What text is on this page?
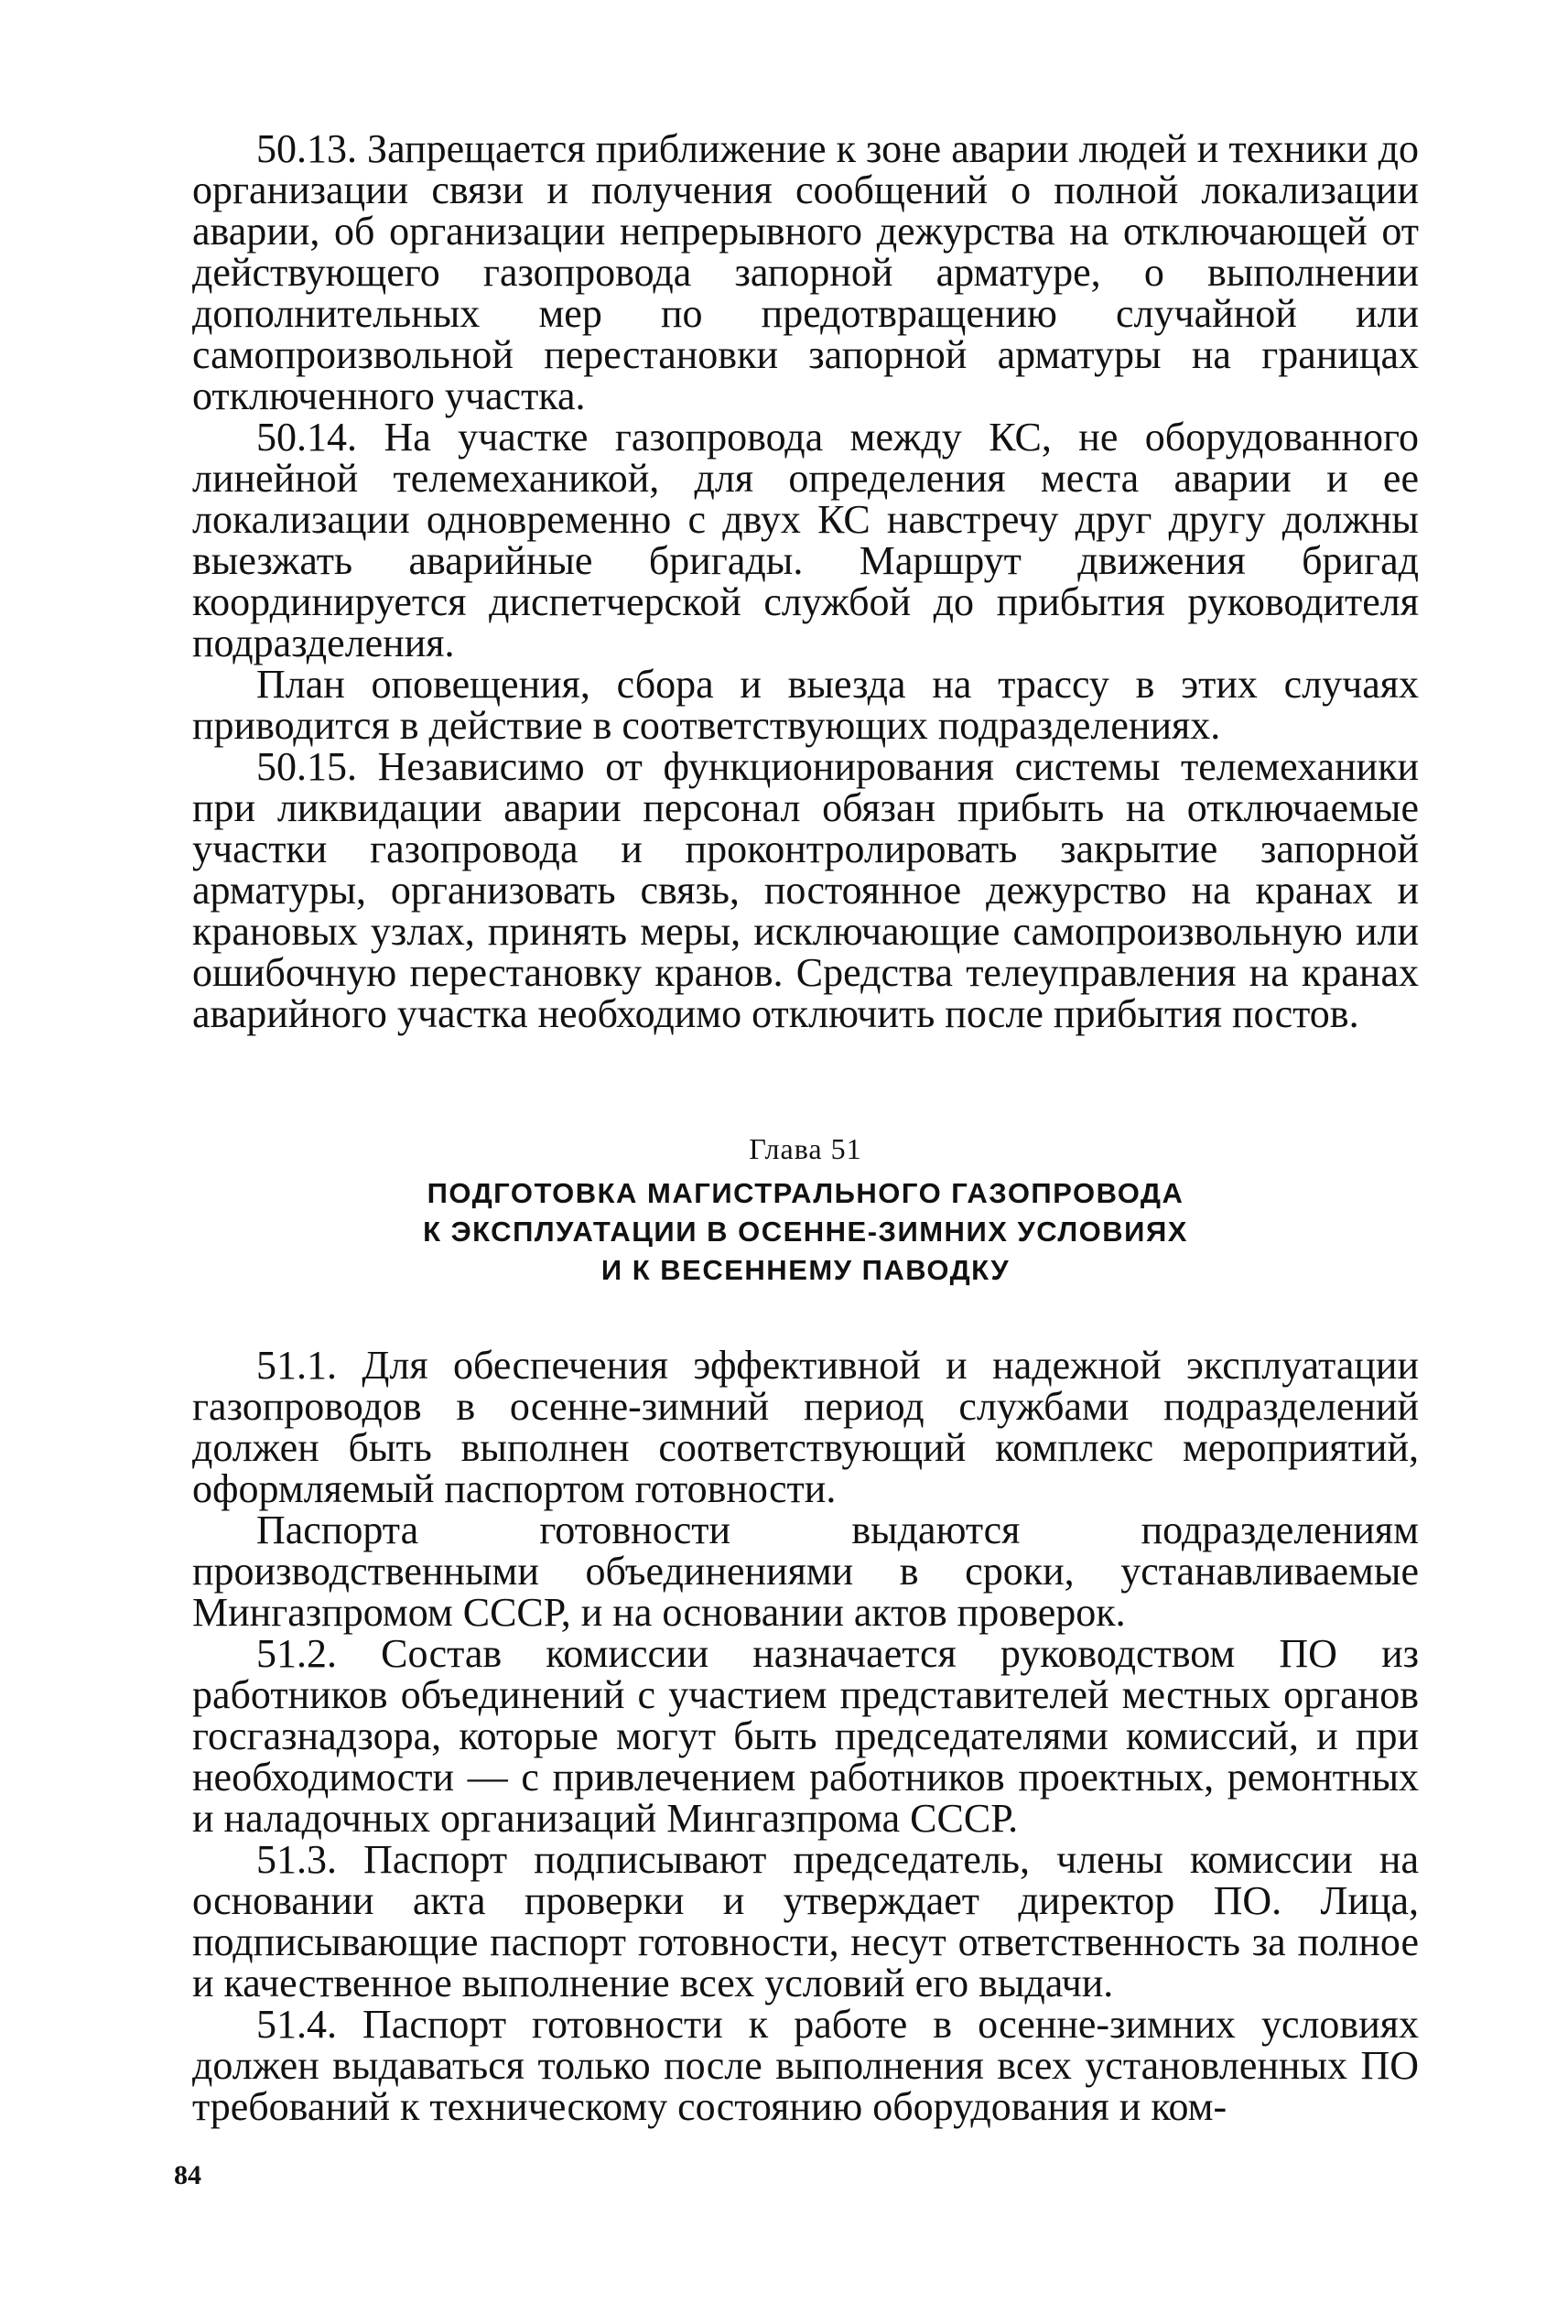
50.13. Запрещается приближение к зоне аварии людей и техники до организации связи и получения сообщений о полной локализации аварии, об организации непрерывного дежурства на отключающей от действующего газопровода запорной арматуре, о выполнении дополнительных мер по предотвращению случайной или самопроизвольной перестановки запорной арматуры на границах отключенного участка.

50.14. На участке газопровода между КС, не оборудованного линейной телемеханикой, для определения места аварии и ее локализации одновременно с двух КС навстречу друг другу должны выезжать аварийные бригады. Маршрут движения бригад координируется диспетчерской службой до прибытия руководителя подразделения.

План оповещения, сбора и выезда на трассу в этих случаях приводится в действие в соответствующих подразделениях.

50.15. Независимо от функционирования системы телемеханики при ликвидации аварии персонал обязан прибыть на отключаемые участки газопровода и проконтролировать закрытие запорной арматуры, организовать связь, постоянное дежурство на кранах и крановых узлах, принять меры, исключающие самопроизвольную или ошибочную перестановку кранов. Средства телеуправления на кранах аварийного участка необходимо отключить после прибытия постов.

Глава 51
ПОДГОТОВКА МАГИСТРАЛЬНОГО ГАЗОПРОВОДА
К ЭКСПЛУАТАЦИИ В ОСЕННЕ-ЗИМНИХ УСЛОВИЯХ
И К ВЕСЕННЕМУ ПАВОДКУ

51.1. Для обеспечения эффективной и надежной эксплуатации газопроводов в осенне-зимний период службами подразделений должен быть выполнен соответствующий комплекс мероприятий, оформляемый паспортом готовности.

Паспорта готовности выдаются подразделениям производственными объединениями в сроки, устанавливаемые Мингазпромом СССР, и на основании актов проверок.

51.2. Состав комиссии назначается руководством ПО из работников объединений с участием представителей местных органов госгазнадзора, которые могут быть председателями комиссий, и при необходимости — с привлечением работников проектных, ремонтных и наладочных организаций Мингазпрома СССР.

51.3. Паспорт подписывают председатель, члены комиссии на основании акта проверки и утверждает директор ПО. Лица, подписывающие паспорт готовности, несут ответственность за полное и качественное выполнение всех условий его выдачи.

51.4. Паспорт готовности к работе в осенне-зимних условиях должен выдаваться только после выполнения всех установленных ПО требований к техническому состоянию оборудования и ком-

84
